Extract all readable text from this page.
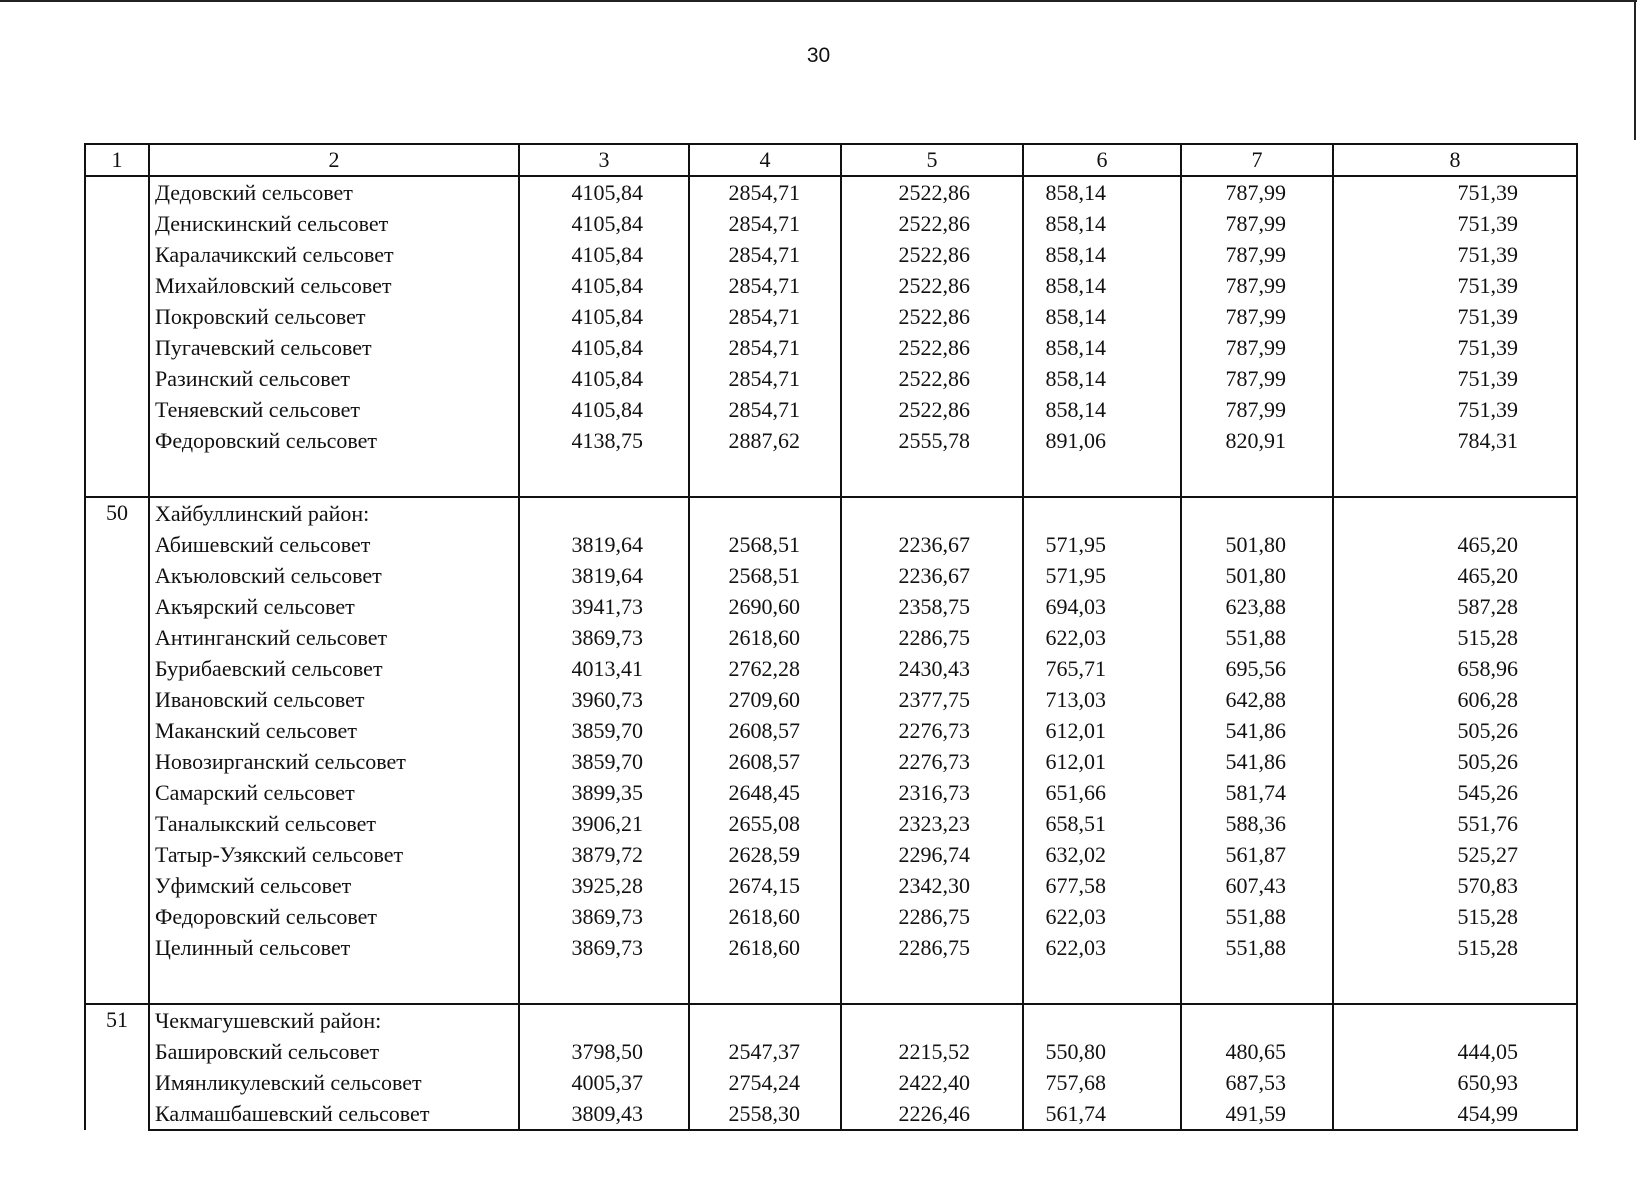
30
1	2	3	4	5	6	7	8
	Дедовский сельсовет	4105,84	2854,71	2522,86	858,14	787,99	751,39
	Денискинский сельсовет	4105,84	2854,71	2522,86	858,14	787,99	751,39
	Каралачикский сельсовет	4105,84	2854,71	2522,86	858,14	787,99	751,39
	Михайловский сельсовет	4105,84	2854,71	2522,86	858,14	787,99	751,39
	Покровский сельсовет	4105,84	2854,71	2522,86	858,14	787,99	751,39
	Пугачевский сельсовет	4105,84	2854,71	2522,86	858,14	787,99	751,39
	Разинский сельсовет	4105,84	2854,71	2522,86	858,14	787,99	751,39
	Теняевский сельсовет	4105,84	2854,71	2522,86	858,14	787,99	751,39
	Федоровский сельсовет	4138,75	2887,62	2555,78	891,06	820,91	784,31

50	Хайбуллинский район:						
	Абишевский сельсовет	3819,64	2568,51	2236,67	571,95	501,80	465,20
	Акъюловский сельсовет	3819,64	2568,51	2236,67	571,95	501,80	465,20
	Акъярский сельсовет	3941,73	2690,60	2358,75	694,03	623,88	587,28
	Антинганский сельсовет	3869,73	2618,60	2286,75	622,03	551,88	515,28
	Бурибаевский сельсовет	4013,41	2762,28	2430,43	765,71	695,56	658,96
	Ивановский сельсовет	3960,73	2709,60	2377,75	713,03	642,88	606,28
	Маканский сельсовет	3859,70	2608,57	2276,73	612,01	541,86	505,26
	Новозирганский сельсовет	3859,70	2608,57	2276,73	612,01	541,86	505,26
	Самарский сельсовет	3899,35	2648,45	2316,73	651,66	581,74	545,26
	Таналыкский сельсовет	3906,21	2655,08	2323,23	658,51	588,36	551,76
	Татыр-Узякский сельсовет	3879,72	2628,59	2296,74	632,02	561,87	525,27
	Уфимский сельсовет	3925,28	2674,15	2342,30	677,58	607,43	570,83
	Федоровский сельсовет	3869,73	2618,60	2286,75	622,03	551,88	515,28
	Целинный сельсовет	3869,73	2618,60	2286,75	622,03	551,88	515,28

51	Чекмагушевский район:						
	Башировский сельсовет	3798,50	2547,37	2215,52	550,80	480,65	444,05
	Имянликулевский сельсовет	4005,37	2754,24	2422,40	757,68	687,53	650,93
	Калмашбашевский сельсовет	3809,43	2558,30	2226,46	561,74	491,59	454,99
